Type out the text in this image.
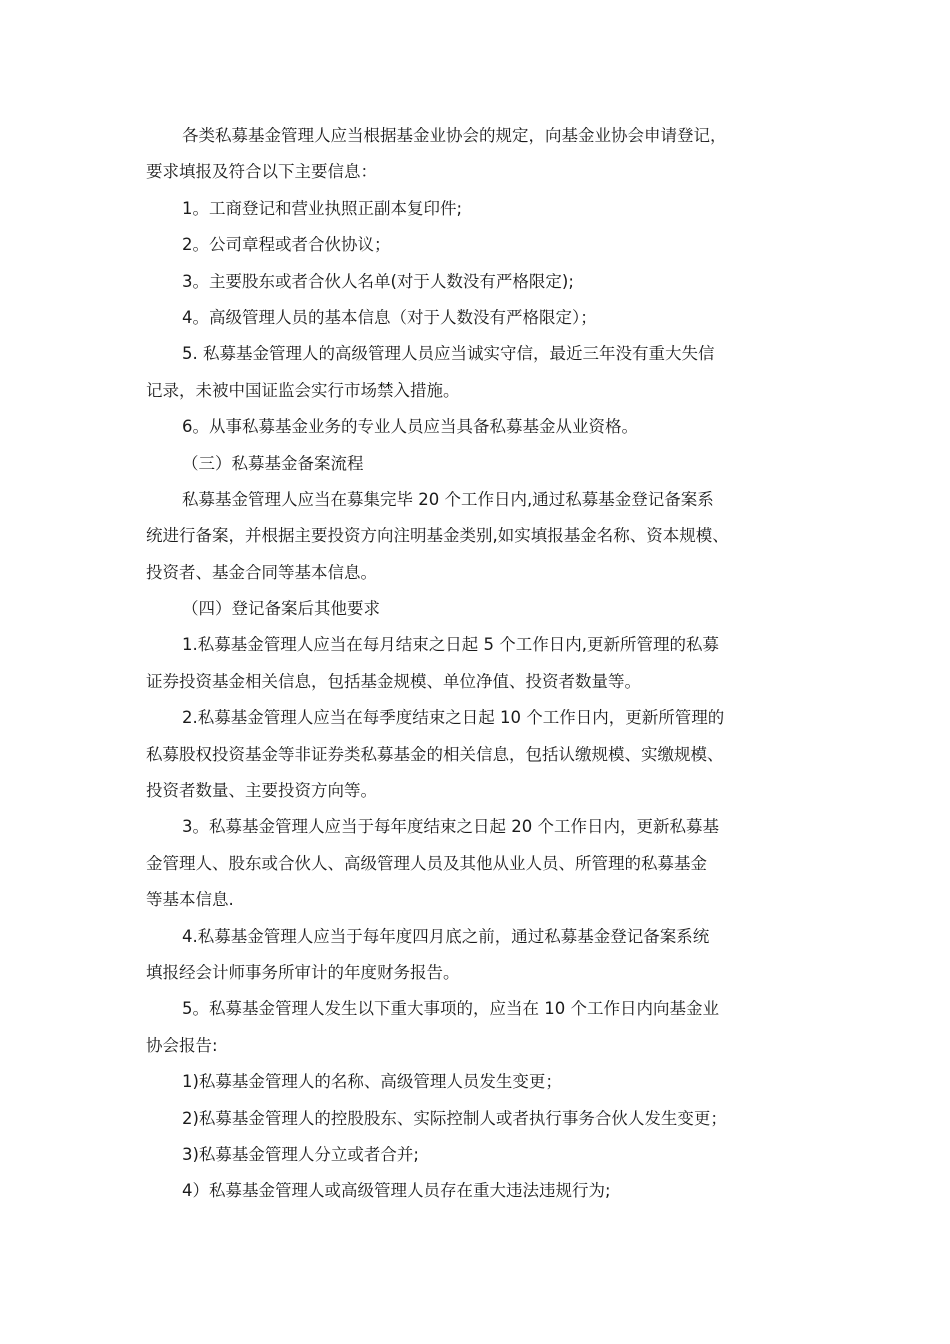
各类私募基金管理人应当根据基金业协会的规定，向基金业协会申请登记，
要求填报及符合以下主要信息：
1。工商登记和营业执照正副本复印件;
2。公司章程或者合伙协议；
3。主要股东或者合伙人名单(对于人数没有严格限定);
4。高级管理人员的基本信息（对于人数没有严格限定）；
5. 私募基金管理人的高级管理人员应当诚实守信，最近三年没有重大失信
记录，未被中国证监会实行市场禁入措施。
6。从事私募基金业务的专业人员应当具备私募基金从业资格。
（三）私募基金备案流程
私募基金管理人应当在募集完毕 20 个工作日内,通过私募基金登记备案系
统进行备案，并根据主要投资方向注明基金类别,如实填报基金名称、资本规模、
投资者、基金合同等基本信息。
（四）登记备案后其他要求
1.私募基金管理人应当在每月结束之日起 5 个工作日内,更新所管理的私募
证券投资基金相关信息，包括基金规模、单位净值、投资者数量等。
2.私募基金管理人应当在每季度结束之日起 10 个工作日内，更新所管理的
私募股权投资基金等非证券类私募基金的相关信息，包括认缴规模、实缴规模、
投资者数量、主要投资方向等。
3。私募基金管理人应当于每年度结束之日起 20 个工作日内，更新私募基
金管理人、股东或合伙人、高级管理人员及其他从业人员、所管理的私募基金
等基本信息.
4.私募基金管理人应当于每年度四月底之前，通过私募基金登记备案系统
填报经会计师事务所审计的年度财务报告。
5。私募基金管理人发生以下重大事项的，应当在 10 个工作日内向基金业
协会报告:
1)私募基金管理人的名称、高级管理人员发生变更；
2)私募基金管理人的控股股东、实际控制人或者执行事务合伙人发生变更；
3)私募基金管理人分立或者合并;
4）私募基金管理人或高级管理人员存在重大违法违规行为;
